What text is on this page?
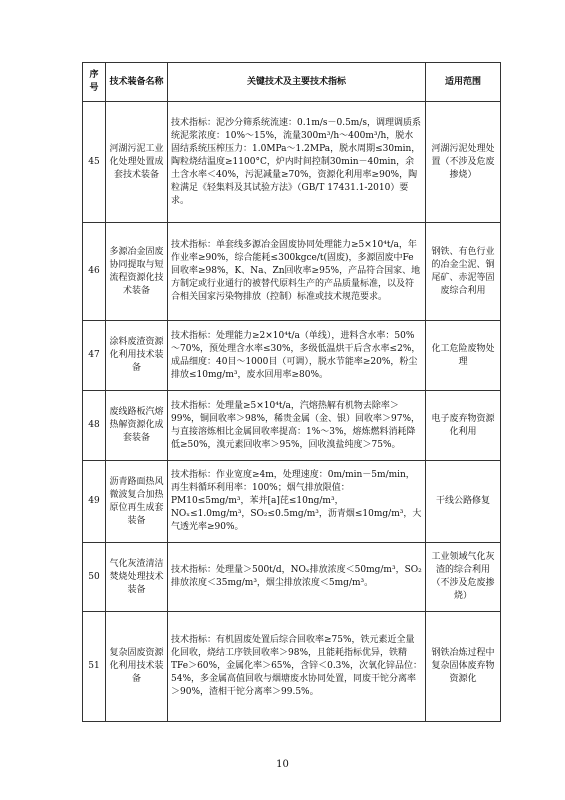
序号	技术装备名称	关键技术及主要技术指标	适用范围
45	河湖污泥工业化处理处置成套技术装备	技术指标：泥沙分筛系统流速：0.1m/s－0.5m/s，调理调质系统泥浆浓度：10%～15%，流量300m³/h～400m³/h，脱水固结系统压榨压力：1.0MPa～1.2MPa，脱水周期≤30min，陶粒烧结温度≥1100°C，炉内时间控制30min－40min，余土含水率＜40%，污泥减量≥70%，资源化利用率≥90%，陶粒满足《轻集料及其试验方法》（GB/T 17431.1-2010）要求。	河湖污泥处理处置（不涉及危废掺烧）
46	多源冶金固废协同提取与短流程资源化技术装备	技术指标：单套线多源冶金固废协同处理能力≥5×10⁴t/a，年作业率≥90%，综合能耗≤300kgce/t(固废)，多源固废中Fe回收率≥98%，K、Na、Zn回收率≥95%，产品符合国家、地方制定或行业通行的被替代原料生产的产品质量标准，以及符合相关国家污染物排放（控制）标准或技术规范要求。	钢铁、有色行业的冶金尘泥、铜尾矿、赤泥等固废综合利用
47	涂料废渣资源化利用技术装备	技术指标：处理能力≥2×10⁴t/a（单线），进料含水率：50%～70%，预处理含水率≤30%，多级低温烘干后含水率≤2%，成品细度：40目～1000目（可调），脱水节能率≥20%，粉尘排放≤10mg/m³，废水回用率≥80%。	化工危险废物处理
48	废线路板汽熔热解资源化成套装备	技术指标：处理量≥5×10⁴t/a，汽熔热解有机物去除率＞99%，铜回收率＞98%，稀贵金属（金、银）回收率＞97%，与直接溶炼相比金属回收率提高：1%～3%，熔炼燃料消耗降低≥50%，溴元素回收率＞95%，回收溴盐纯度＞75%。	电子废弃物资源化利用
49	沥青路面热风微波复合加热原位再生成套装备	技术指标：作业宽度≥4m，处理速度：0m/min－5m/min，再生料循环利用率：100%；烟气排放限值：PM10≤5mg/m³，苯并[a]芘≤10ng/m³，NOₓ≤1.0mg/m³，SO₂≤0.5mg/m³，沥青烟≤10mg/m³，大气透光率≥90%。	干线公路修复
50	气化灰渣清洁焚烧处理技术装备	技术指标：处理量＞500t/d，NOₓ排放浓度＜50mg/m³，SO₂排放浓度＜35mg/m³，烟尘排放浓度＜5mg/m³。	工业领域气化灰渣的综合利用（不涉及危废掺烧）
51	复杂固废资源化利用技术装备	技术指标：有机固废处置后综合回收率≥75%，铁元素近全量化回收，烧结工序铁回收率＞98%，且能耗指标优异，铁精TFe＞60%，金属化率＞65%，含锌＜0.3%，次氧化锌品位：54%，多金属高值回收与烟塘废水协同处置，同废干铊分离率＞90%，渣相干铊分离率＞99.5%。	钢铁冶炼过程中复杂固体废弃物资源化
10
